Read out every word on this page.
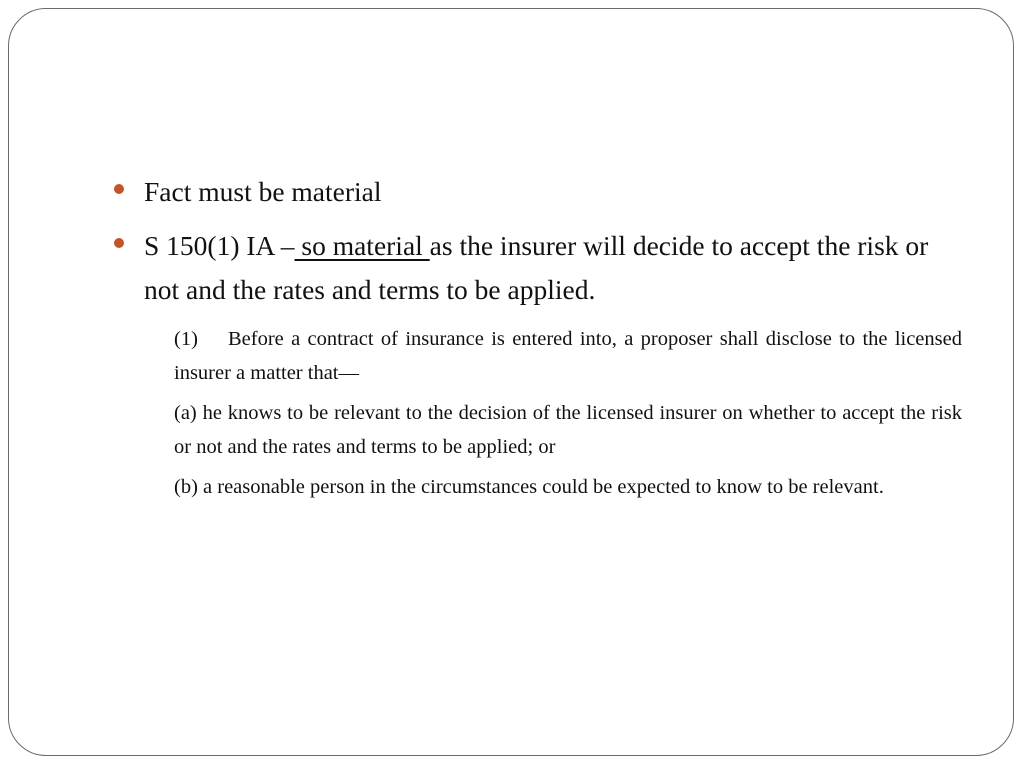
Fact must be material
S 150(1) IA – so material as the insurer will decide to accept the risk or not and the rates and terms to be applied.

(1) Before a contract of insurance is entered into, a proposer shall disclose to the licensed insurer a matter that—

(a) he knows to be relevant to the decision of the licensed insurer on whether to accept the risk or not and the rates and terms to be applied; or

(b) a reasonable person in the circumstances could be expected to know to be relevant.
